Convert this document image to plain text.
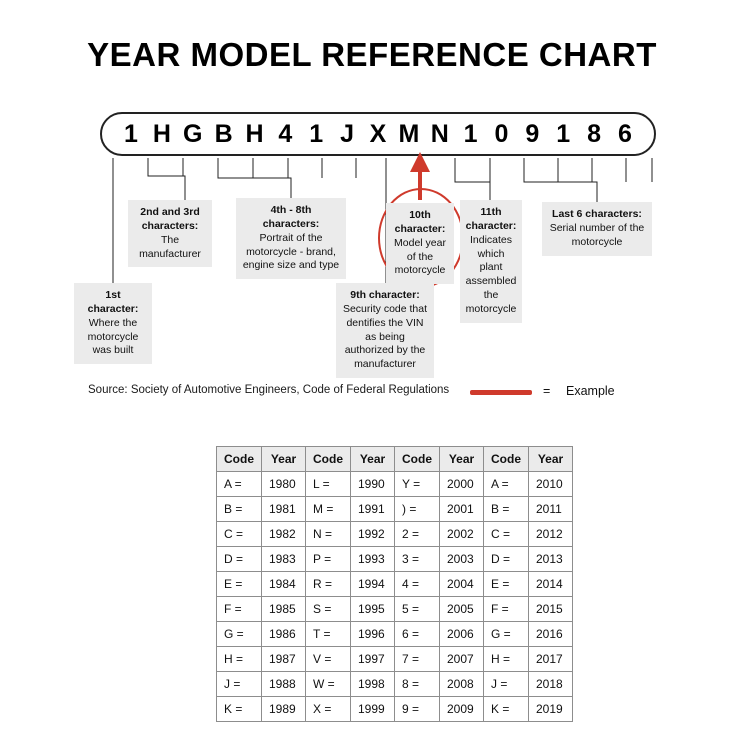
YEAR MODEL REFERENCE CHART
1 H G B H 4 1 J X M N 1 0 9 1 8 6
1st character:
Where the motorcycle was built
2nd and 3rd characters:
The manufacturer
4th - 8th characters:
Portrait of the motorcycle - brand, engine size and type
9th character:
Security code that dentifies the VIN as being authorized by the manufacturer
10th character:
Model year of the motorcycle
11th character:
Indicates which plant assembled the motorcycle
Last 6 characters:
Serial number of the motorcycle
Source: Society of Automotive Engineers, Code of Federal Regulations	= Example
Code	Year	Code	Year	Code	Year	Code	Year
A =	1980	L =	1990	Y =	2000	A =	2010
B =	1981	M =	1991	) =	2001	B =	2011
C =	1982	N =	1992	2 =	2002	C =	2012
D =	1983	P =	1993	3 =	2003	D =	2013
E =	1984	R =	1994	4 =	2004	E =	2014
F =	1985	S =	1995	5 =	2005	F =	2015
G =	1986	T =	1996	6 =	2006	G =	2016
H =	1987	V =	1997	7 =	2007	H =	2017
J =	1988	W =	1998	8 =	2008	J =	2018
K =	1989	X =	1999	9 =	2009	K =	2019
